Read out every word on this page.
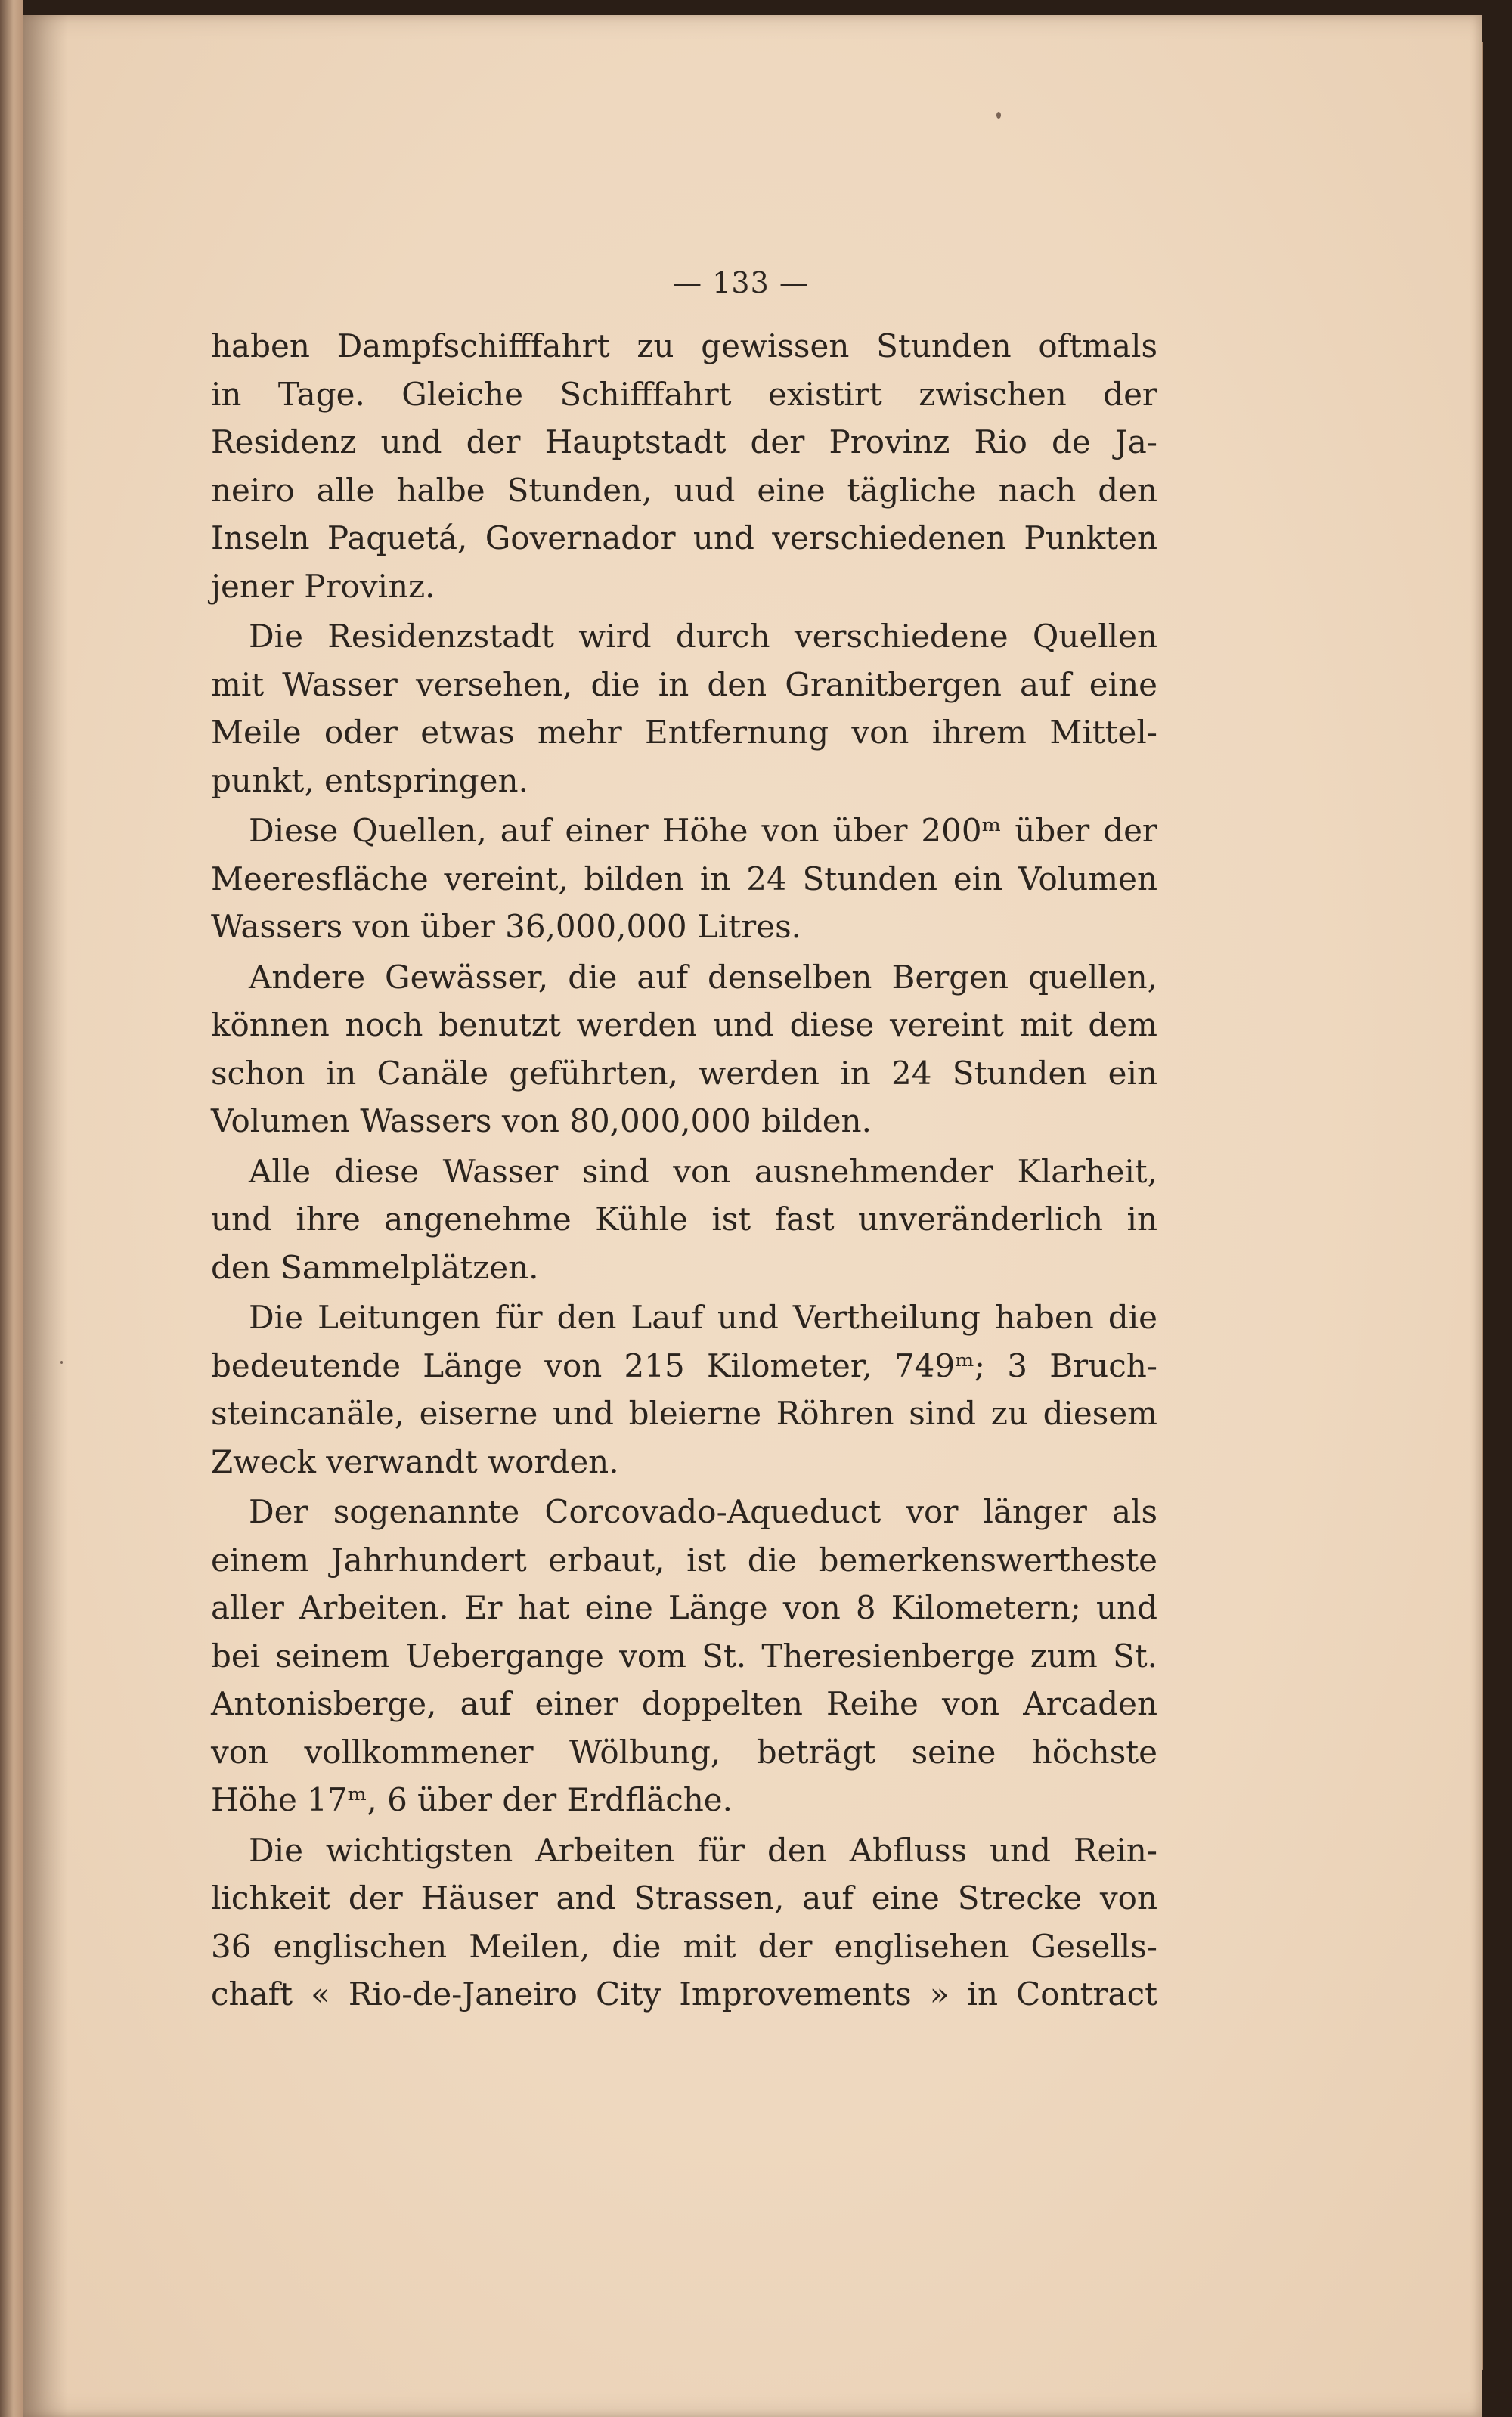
— 133 —
haben Dampfschifffahrt zu gewissen Stunden oftmals
in Tage. Gleiche Schifffahrt existirt zwischen der
Residenz und der Hauptstadt der Provinz Rio de Ja-
neiro alle halbe Stunden, uud eine tägliche nach den
Inseln Paquetá, Governador und verschiedenen Punkten
jener Provinz.
Die Residenzstadt wird durch verschiedene Quellen
mit Wasser versehen, die in den Granitbergen auf eine
Meile oder etwas mehr Entfernung von ihrem Mittel-
punkt, entspringen.
Diese Quellen, auf einer Höhe von über 200ᵐ über der
Meeresfläche vereint, bilden in 24 Stunden ein Volumen
Wassers von über 36,000,000 Litres.
Andere Gewässer, die auf denselben Bergen quellen,
können noch benutzt werden und diese vereint mit dem
schon in Canäle geführten, werden in 24 Stunden ein
Volumen Wassers von 80,000,000 bilden.
Alle diese Wasser sind von ausnehmender Klarheit,
und ihre angenehme Kühle ist fast unveränderlich in
den Sammelplätzen.
Die Leitungen für den Lauf und Vertheilung haben die
bedeutende Länge von 215 Kilometer, 749ᵐ; 3 Bruch-
steincanäle, eiserne und bleierne Röhren sind zu diesem
Zweck verwandt worden.
Der sogenannte Corcovado-Aqueduct vor länger als
einem Jahrhundert erbaut, ist die bemerkenswertheste
aller Arbeiten. Er hat eine Länge von 8 Kilometern; und
bei seinem Uebergange vom St. Theresienberge zum St.
Antonisberge, auf einer doppelten Reihe von Arcaden
von vollkommener Wölbung, beträgt seine höchste
Höhe 17ᵐ, 6 über der Erdfläche.
Die wichtigsten Arbeiten für den Abfluss und Rein-
lichkeit der Häuser and Strassen, auf eine Strecke von
36 englischen Meilen, die mit der englisehen Gesells-
chaft « Rio-de-Janeiro City Improvements » in Contract
